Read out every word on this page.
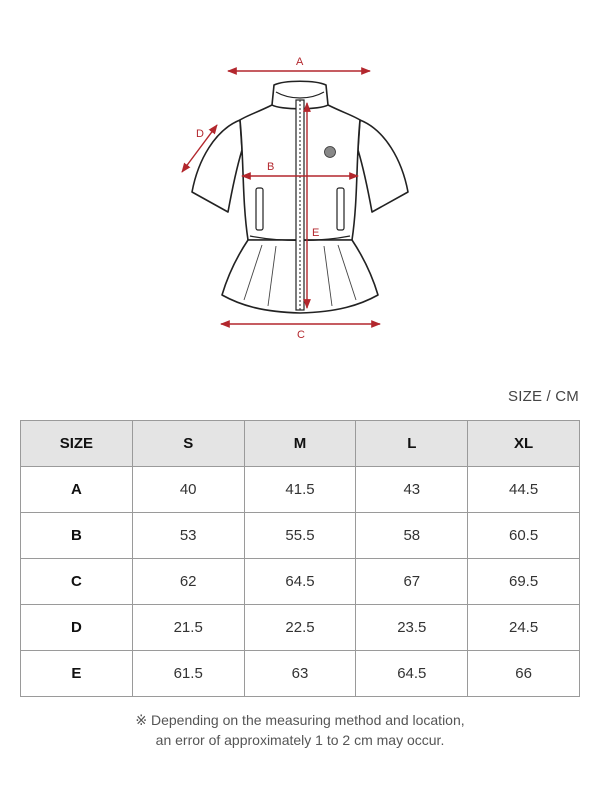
A
B
C
D
E
SIZE / CM
SIZE	S	M	L	XL
A	40	41.5	43	44.5
B	53	55.5	58	60.5
C	62	64.5	67	69.5
D	21.5	22.5	23.5	24.5
E	61.5	63	64.5	66
※ Depending on the measuring method and location,
an error of approximately 1 to 2 cm may occur.
